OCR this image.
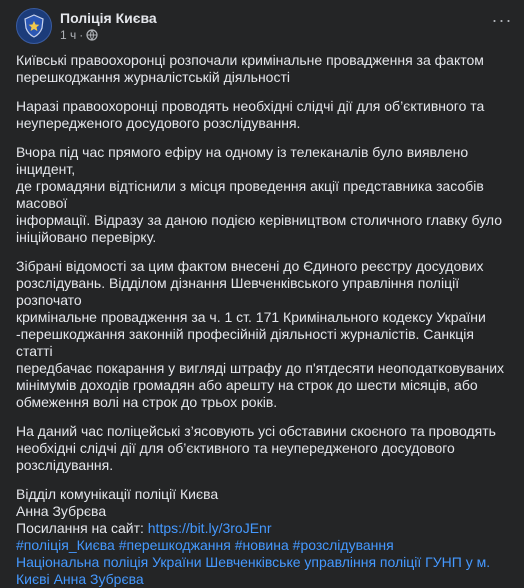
Поліція Києва
1 ч ·
···

Київські правоохоронці розпочали кримінальне провадження за фактом
перешкоджання журналістській діяльності

Наразі правоохоронці проводять необхідні слідчі дії для об’єктивного та
неупередженого досудового розслідування.

Вчора під час прямого ефіру на одному із телеканалів було виявлено інцидент,
де громадяни відтіснили з місця проведення акції представника засобів масової
інформації. Відразу за даною подією керівництвом столичного главку було
ініційовано перевірку.

Зібрані відомості за цим фактом внесені до Єдиного реєстру досудових
розслідувань. Відділом дізнання Шевченківського управління поліції розпочато
кримінальне провадження за ч. 1 ст. 171 Кримінального кодексу України
-перешкоджання законній професійній діяльності журналістів. Санкція статті
передбачає покарання у вигляді штрафу до п'ятдесяти неоподатковуваних
мінімумів доходів громадян або арешту на строк до шести місяців, або
обмеження волі на строк до трьох років.

На даний час поліцейські з’ясовують усі обставини скоєного та проводять
необхідні слідчі дії для об’єктивного та неупередженого досудового
розслідування.

Відділ комунікації поліції Києва
Анна Зубрєва
Посилання на сайт: https://bit.ly/3roJEnr
#поліція_Києва #перешкоджання #новина #розслідування
Національна поліція України Шевченківське управління поліції ГУНП у м. Києві Анна Зубрєва
